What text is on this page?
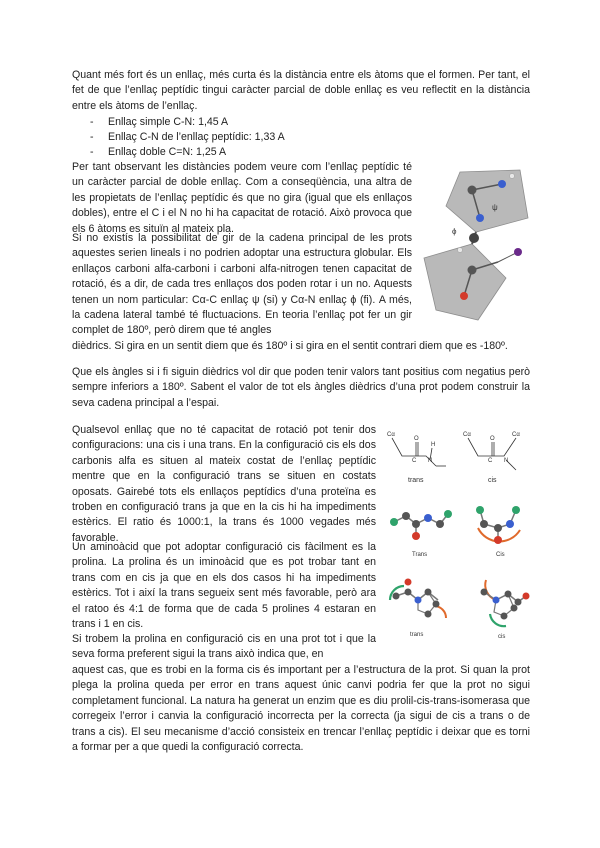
Quant més fort és un enllaç, més curta és la distància entre els àtoms que el formen. Per tant, el fet de que l’enllaç peptídic tingui caràcter parcial de doble enllaç es veu reflectit en la distància entre els àtoms de l’enllaç.

- Enllaç simple C-N: 1,45 A
- Enllaç C-N de l’enllaç peptídic: 1,33 A
- Enllaç doble C=N: 1,25 A

Per tant observant les distàncies podem veure com l’enllaç peptídic té un caràcter parcial de doble enllaç. Com a conseqüència, una altra de les propietats de l’enllaç peptídic és que no gira (igual que els enllaços dobles), entre el C i el N no hi ha capacitat de rotació. Això provoca que els 6 àtoms es situïn al mateix pla.

Si no existís la possibilitat de gir de la cadena principal de les prots aquestes serien lineals i no podrien adoptar una estructura globular. Els enllaços carboni alfa-carboni i carboni alfa-nitrogen tenen capacitat de rotació, és a dir, de cada tres enllaços dos poden rotar i un no. Aquests tenen un nom particular: Cα-C enllaç ψ (si) y Cα-N enllaç ϕ (fi). A més, la cadena lateral també té fluctuacions. En teoria l’enllaç pot fer un gir complet de 180º, però direm que té angles

dièdrics. Si gira en un sentit diem que és 180º i si gira en el sentit contrari diem que es -180º.

Que els àngles si i fi siguin dièdrics vol dir que poden tenir valors tant positius com negatius però sempre inferiors a 180º. Sabent el valor de tot els àngles dièdrics d’una prot podem construir la seva cadena principal a l’espai.

Qualsevol enllaç que no té capacitat de rotació pot tenir dos configuracions: una cis i una trans. En la configuració cis els dos carbonis alfa es situen al mateix costat de l’enllaç peptídic mentre que en la configuració trans se situen en costats oposats. Gairebé tots els enllaços peptídics d’una proteïna es troben en configuració trans ja que en la cis hi ha impediments estèrics. El ratio és 1000:1, la trans és 1000 vegades més favorable.

Un aminoàcid que pot adoptar configuració cis fàcilment es la prolina. La prolina és un iminoàcid que es pot trobar tant en trans com en cis ja que en els dos casos hi ha impediments estèrics. Tot i així la trans segueix sent més favorable, però ara el ratoo és 4:1 de forma que de cada 5 prolines 4 estaran en trans i 1 en cis.

Si trobem la prolina en configuració cis en una prot tot i que la seva forma preferent sigui la trans això indica que, en

aquest cas, que es trobi en la forma cis és important per a l’estructura de la prot. Si quan la prot plega la prolina queda per error en trans aquest únic canvi podria fer que la prot no sigui completament funcional. La natura ha generat un enzim que es diu prolil-cis-trans-isomerasa que corregeix l’error i canvia la configuració incorrecta per la correcta (ja sigui de cis a trans o de trans a cis). El seu mecanisme d’acció consisteix en trencar l’enllaç peptídic i deixar que es torni a formar per a que quedi la configuració correcta.

ψ
ϕ
Cα
C N
O
H
trans
Cα
C N
O
Cα
cis
Trans	Cis
trans	cis
